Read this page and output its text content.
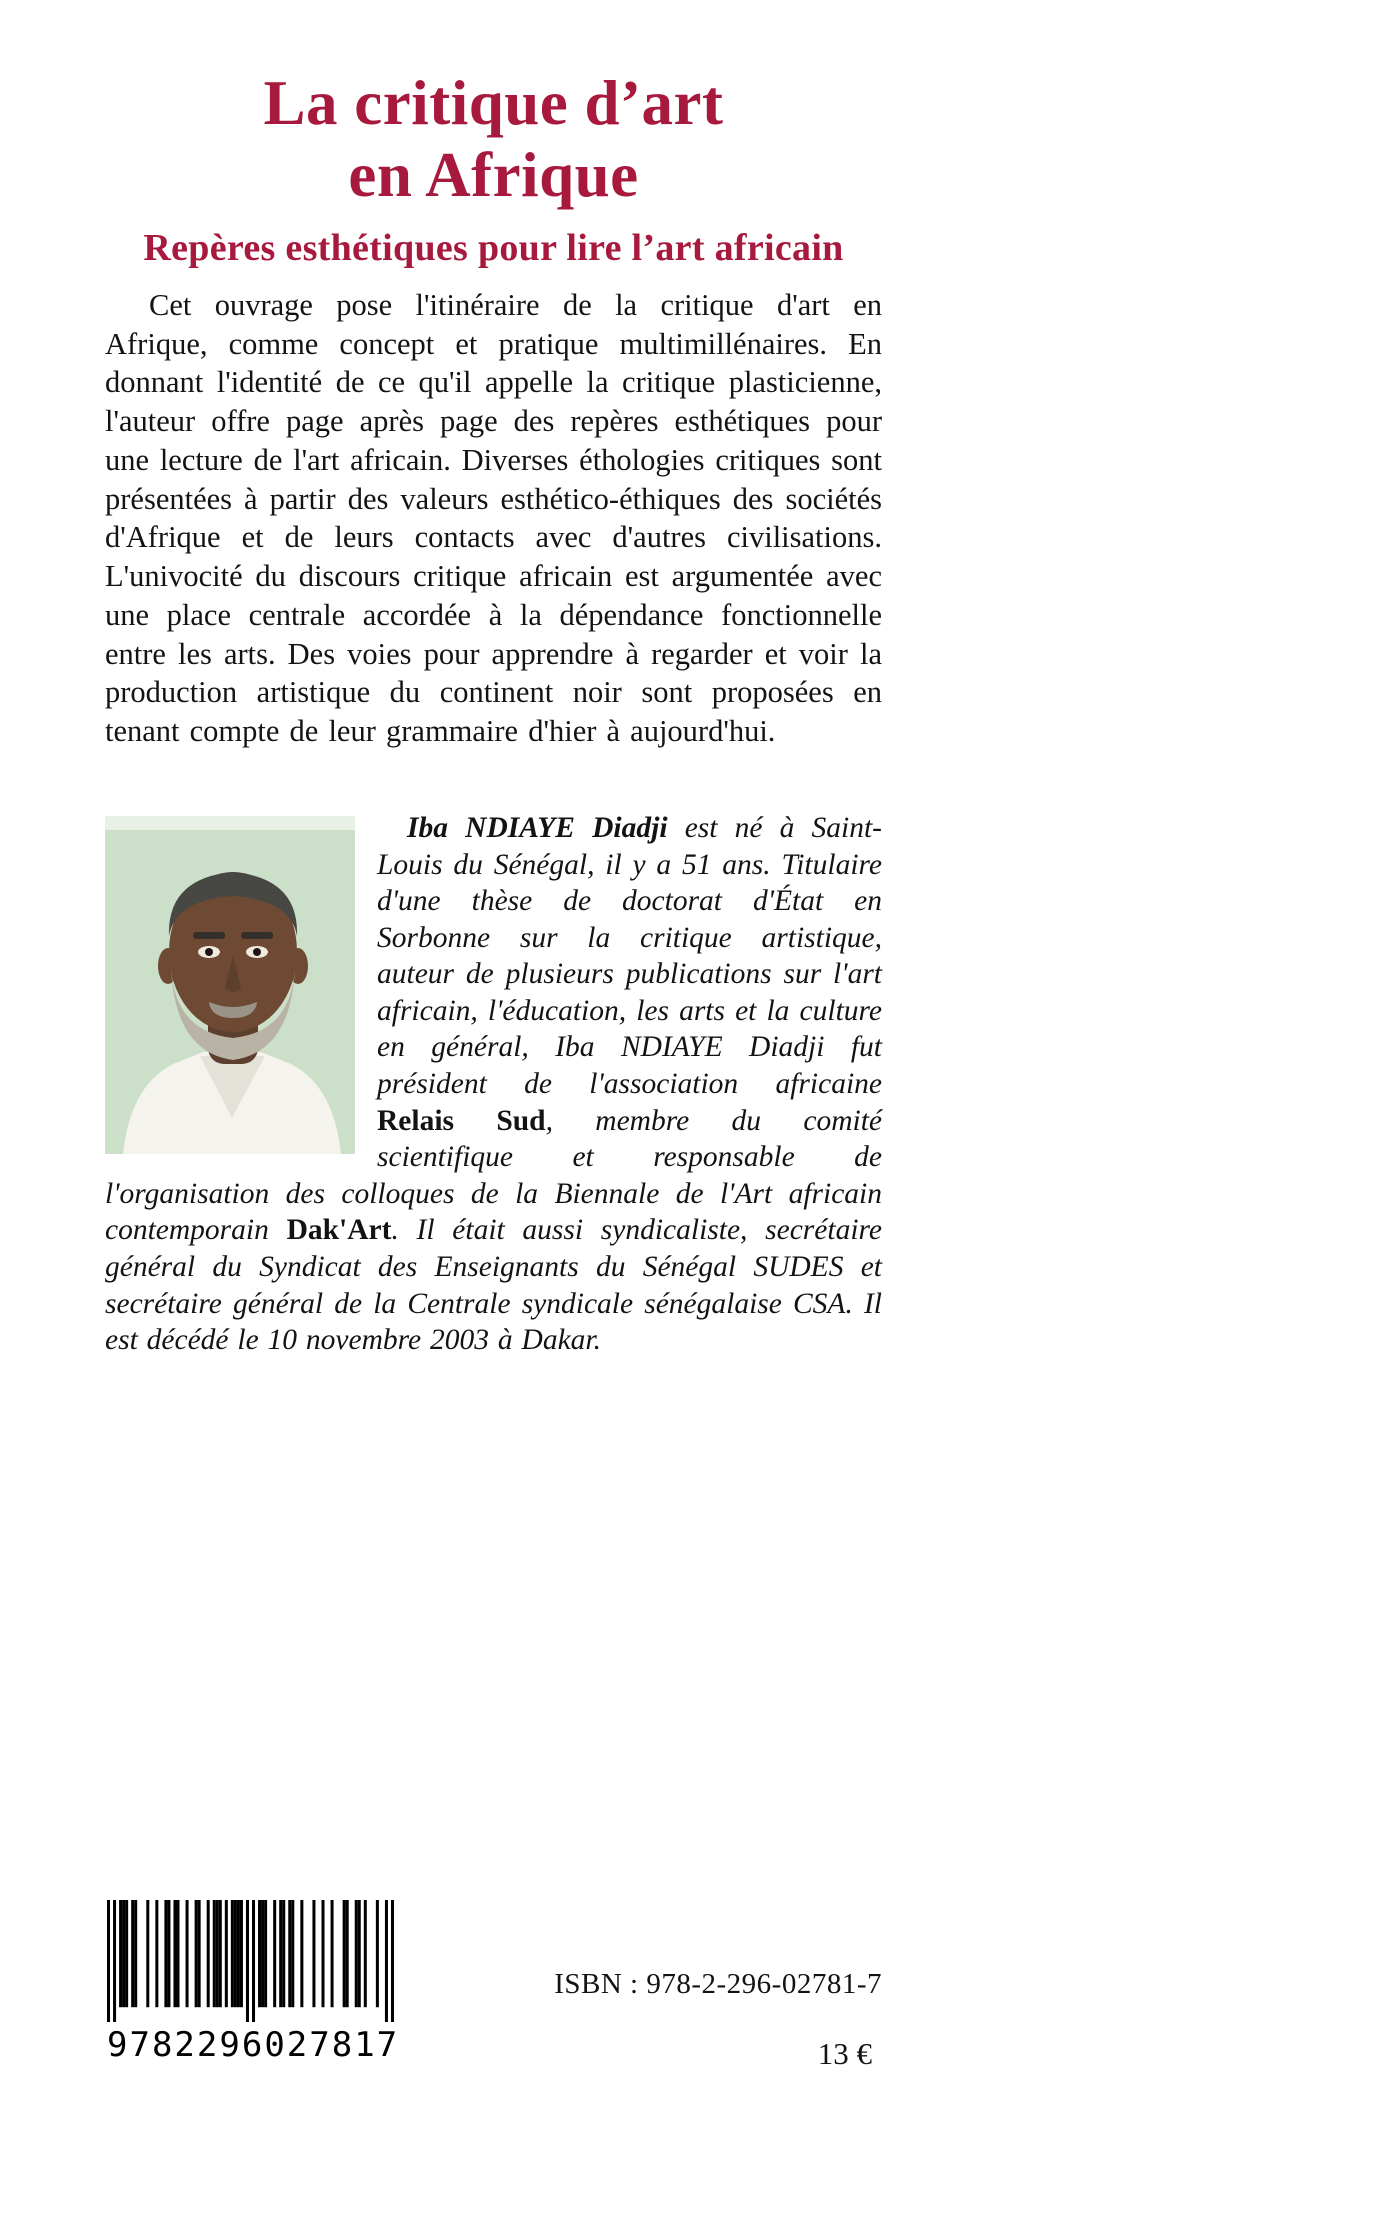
La critique d’art
en Afrique
Repères esthétiques pour lire l’art africain

Cet ouvrage pose l'itinéraire de la critique d'art en Afrique, comme concept et pratique multimillénaires. En donnant l'identité de ce qu'il appelle la critique plasticienne, l'auteur offre page après page des repères esthétiques pour une lecture de l'art africain. Diverses éthologies critiques sont présentées à partir des valeurs esthético-éthiques des sociétés d'Afrique et de leurs contacts avec d'autres civilisations. L'univocité du discours critique africain est argumentée avec une place centrale accordée à la dépendance fonctionnelle entre les arts. Des voies pour apprendre à regarder et voir la production artistique du continent noir sont proposées en tenant compte de leur grammaire d'hier à aujourd'hui.

Iba NDIAYE Diadji est né à Saint-Louis du Sénégal, il y a 51 ans. Titulaire d'une thèse de doctorat d'État en Sorbonne sur la critique artistique, auteur de plusieurs publications sur l'art africain, l'éducation, les arts et la culture en général, Iba NDIAYE Diadji fut président de l'association africaine Relais Sud, membre du comité scientifique et responsable de l'organisation des colloques de la Biennale de l'Art africain contemporain Dak'Art. Il était aussi syndicaliste, secrétaire général du Syndicat des Enseignants du Sénégal SUDES et secrétaire général de la Centrale syndicale sénégalaise CSA. Il est décédé le 10 novembre 2003 à Dakar.

9 782296 027817
ISBN : 978-2-296-02781-7
13 €
